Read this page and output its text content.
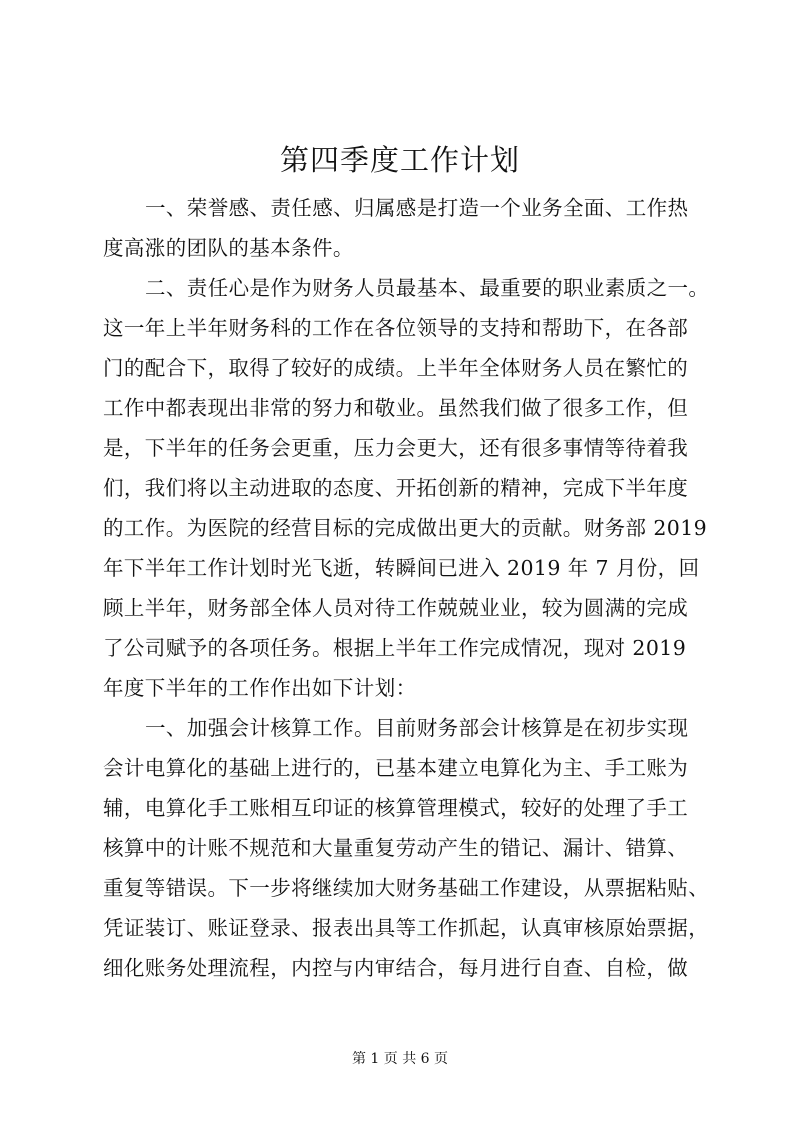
第四季度工作计划
一、荣誉感、责任感、归属感是打造一个业务全面、工作热
度高涨的团队的基本条件。
二、责任心是作为财务人员最基本、最重要的职业素质之一。
这一年上半年财务科的工作在各位领导的支持和帮助下，在各部
门的配合下，取得了较好的成绩。上半年全体财务人员在繁忙的
工作中都表现出非常的努力和敬业。虽然我们做了很多工作，但
是，下半年的任务会更重，压力会更大，还有很多事情等待着我
们，我们将以主动进取的态度、开拓创新的精神，完成下半年度
的工作。为医院的经营目标的完成做出更大的贡献。财务部 2019
年下半年工作计划时光飞逝，转瞬间已进入 2019 年 7 月份，回
顾上半年，财务部全体人员对待工作兢兢业业，较为圆满的完成
了公司赋予的各项任务。根据上半年工作完成情况，现对 2019
年度下半年的工作作出如下计划：
一、加强会计核算工作。目前财务部会计核算是在初步实现
会计电算化的基础上进行的，已基本建立电算化为主、手工账为
辅，电算化手工账相互印证的核算管理模式，较好的处理了手工
核算中的计账不规范和大量重复劳动产生的错记、漏计、错算、
重复等错误。下一步将继续加大财务基础工作建设，从票据粘贴、
凭证装订、账证登录、报表出具等工作抓起，认真审核原始票据，
细化账务处理流程，内控与内审结合，每月进行自查、自检，做
第 1 页 共 6 页
